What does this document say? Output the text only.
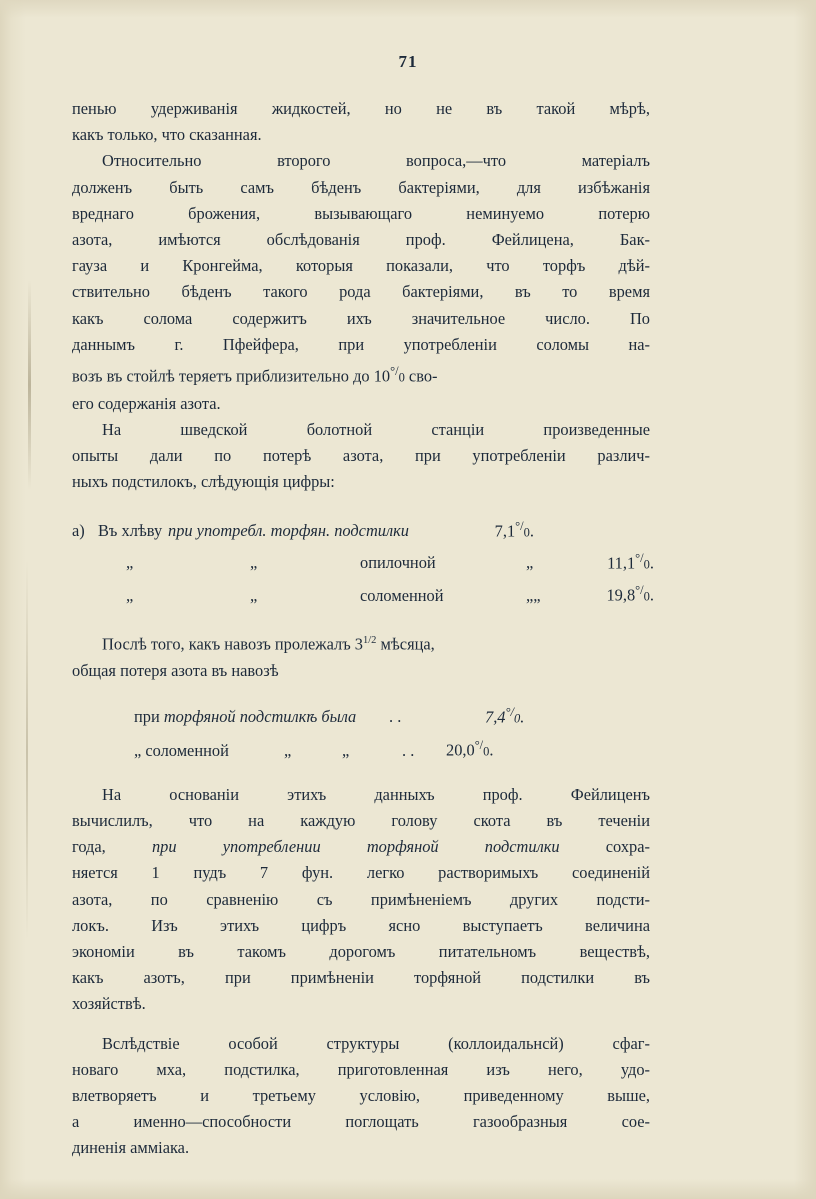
71

пенью удерживанія жидкостей, но не въ такой мѣрѣ,
какъ только, что сказанная.

Относительно второго вопроса,—что матеріалъ
долженъ быть самъ бѣденъ бактеріями, для избѣжанія
вреднаго брожения, вызывающаго неминуемо потерю
азота, имѣются обслѣдованія проф. Фейлицена, Бак-
гауза и Кронгейма, которыя показали, что торфъ дѣй-
ствительно бѣденъ такого рода бактеріями, въ то время
какъ солома содержитъ ихъ значительное число. По
даннымъ г. Пфейфера, при употребленіи соломы на-
возъ въ стойлѣ теряетъ приблизительно до 10°/0 сво-
его содержанія азота.

На шведской болотной станціи произведенные
опыты дали по потерѣ азота, при употребленіи различ-
ныхъ подстилокъ, слѣдующія цифры:

а) Въ хлѣву при употребл. торфян. подстилки	7,1°/0.
„	„	опилочной	„	11,1°/0.
„	„	соломенной	„„	19,8°/0.

Послѣ того, какъ навозъ пролежалъ $3^{1/2}$ мѣсяца,
общая потеря азота въ навозѣ

при торфяной подстилкѣ была	. .	7,4°/0.
„ соломенной	„	„	. .	20,0°/0.

На основаніи этихъ данныхъ проф. Фейлиценъ
вычислилъ, что на каждую голову скота въ теченіи
года, при употреблении торфяной подстилки сохра-
няется 1 пудъ 7 фун. легко растворимыхъ соединеній
азота, по сравненію съ примѣненіемъ других подсти-
локъ. Изъ этихъ цифръ ясно выступаетъ величина
экономіи въ такомъ дорогомъ питательномъ веществѣ,
какъ азотъ, при примѣненіи торфяной подстилки въ
хозяйствѣ.

Вслѣдствіе особой структуры (коллоидальнсй) сфаг-
новаго мха, подстилка, приготовленная изъ него, удо-
влетворяетъ и третьему условію, приведенному выше,
а именно—способности поглощать газообразныя сое-
диненія амміака.
